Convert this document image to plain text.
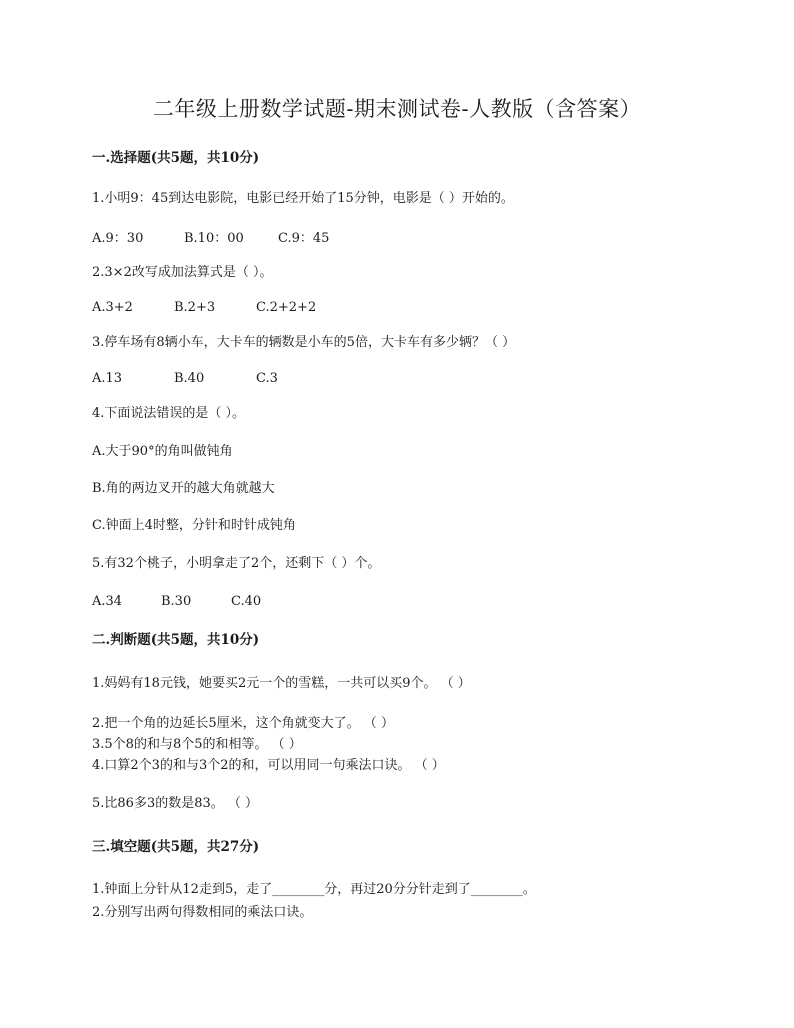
二年级上册数学试题-期末测试卷-人教版（含答案）
一.选择题(共5题，共10分)
1.小明9：45到达电影院，电影已经开始了15分钟，电影是（ ）开始的。
A.9：30	B.10：00	C.9：45
2.3×2改写成加法算式是（ ）。
A.3+2	B.2+3	C.2+2+2
3.停车场有8辆小车，大卡车的辆数是小车的5倍，大卡车有多少辆？（ ）
A.13	B.40	C.3
4.下面说法错误的是（ ）。
A.大于90°的角叫做钝角
B.角的两边叉开的越大角就越大
C.钟面上4时整，分针和时针成钝角
5.有32个桃子，小明拿走了2个，还剩下（ ）个。
A.34	B.30	C.40
二.判断题(共5题，共10分)
1.妈妈有18元钱，她要买2元一个的雪糕，一共可以买9个。 （ ）
2.把一个角的边延长5厘米，这个角就变大了。 （ ）
3.5个8的和与8个5的和相等。 （ ）
4.口算2个3的和与3个2的和，可以用同一句乘法口诀。 （ ）
5.比86多3的数是83。 （ ）
三.填空题(共5题，共27分)
1.钟面上分针从12走到5，走了________分，再过20分分针走到了________。
2.分别写出两句得数相同的乘法口诀。
